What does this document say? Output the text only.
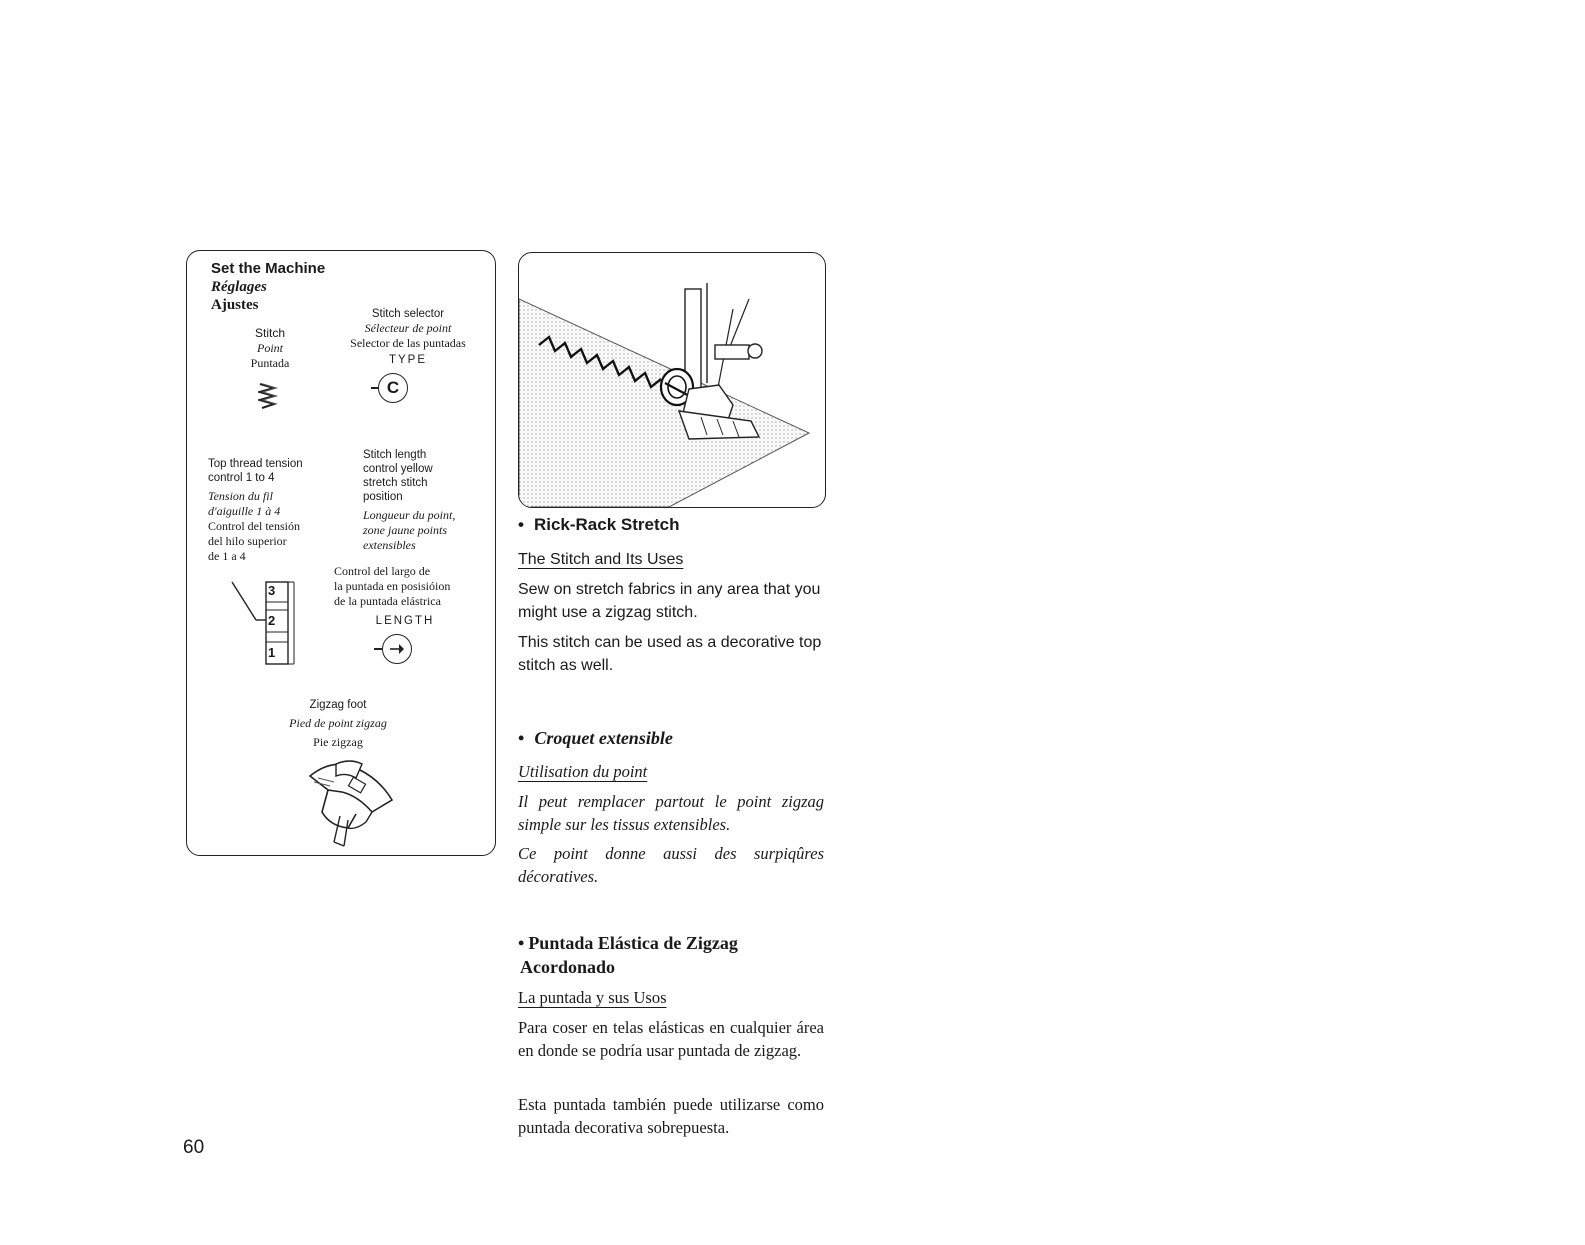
Set the Machine
Réglages
Ajustes
Stitch
Point
Puntada
Stitch selector
Sélecteur de point
Selector de las puntadas
TYPE
C
Top thread tension
control 1 to 4
Tension du fil
d'aiguille 1 à 4
Control del tensión
del hilo superior
de 1 a 4
Stitch length
control yellow
stretch stitch
position
Longueur du point,
zone jaune points
extensibles
Control del largo de
la puntada en posisióion
de la puntada elástrica
LENGTH
3
2
1
Zigzag foot
Pied de point zigzag
Pie zigzag
• Rick-Rack Stretch
The Stitch and Its Uses
Sew on stretch fabrics in any area that you might use a zigzag stitch.
This stitch can be used as a decorative top stitch as well.
• Croquet extensible
Utilisation du point
Il peut remplacer partout le point zigzag simple sur les tissus extensibles.
Ce point donne aussi des surpiqûres décoratives.
• Puntada Elástica de Zigzag
Acordonado
La puntada y sus Usos
Para coser en telas elásticas en cualquier área en donde se podría usar puntada de zigzag.
Esta puntada también puede utilizarse como puntada decorativa sobrepuesta.
60
